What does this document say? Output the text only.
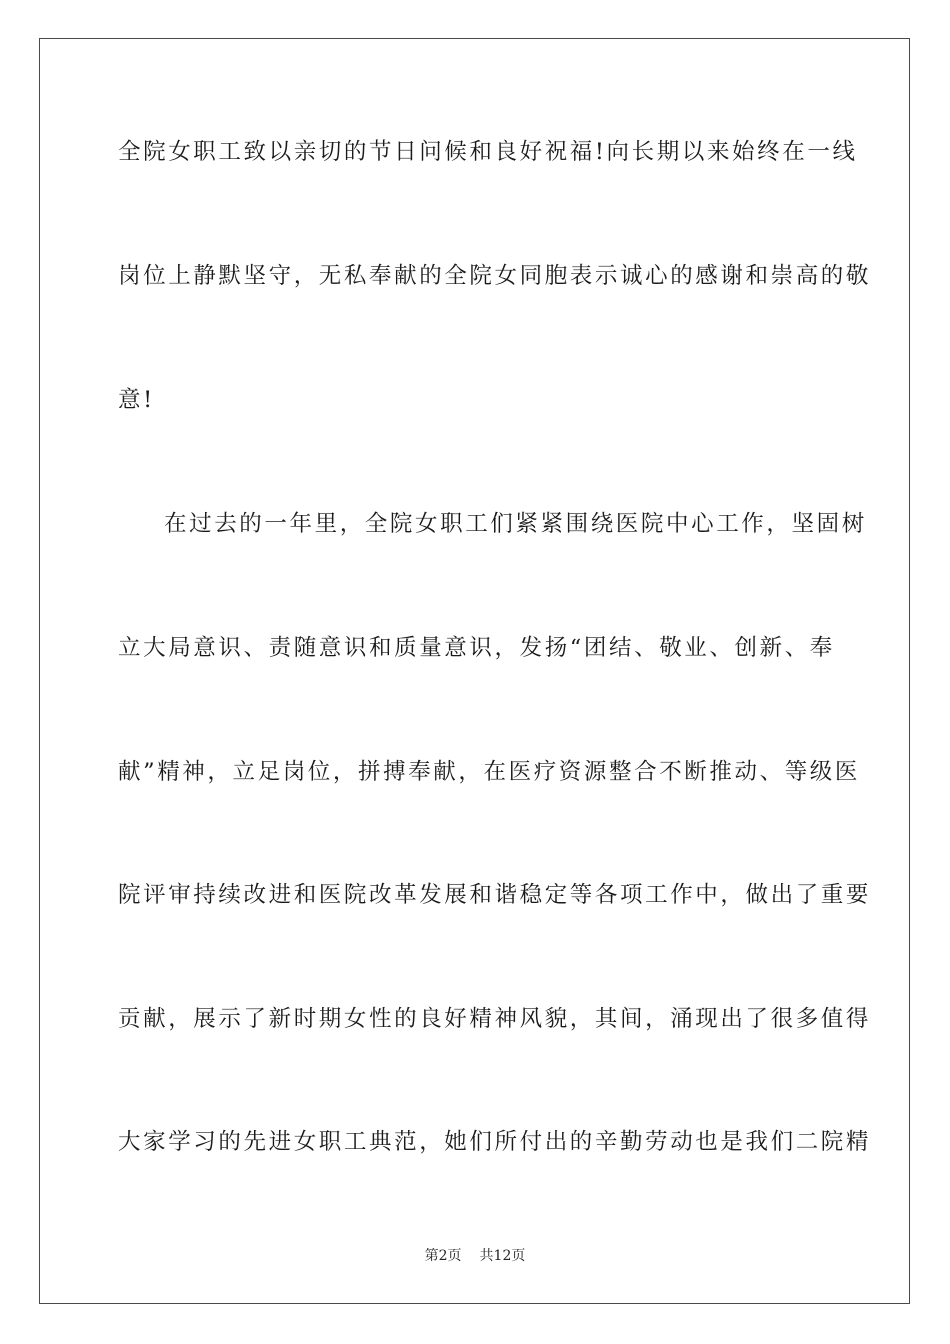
全院女职工致以亲切的节日问候和良好祝福!向长期以来始终在一线
岗位上静默坚守，无私奉献的全院女同胞表示诚心的感谢和崇高的敬
意!
在过去的一年里，全院女职工们紧紧围绕医院中心工作，坚固树
立大局意识、责随意识和质量意识，发扬“团结、敬业、创新、奉
献”精神，立足岗位，拼搏奉献，在医疗资源整合不断推动、等级医
院评审持续改进和医院改革发展和谐稳定等各项工作中，做出了重要
贡献，展示了新时期女性的良好精神风貌，其间，涌现出了很多值得
大家学习的先进女职工典范，她们所付出的辛勤劳动也是我们二院精
第2页 共12页
